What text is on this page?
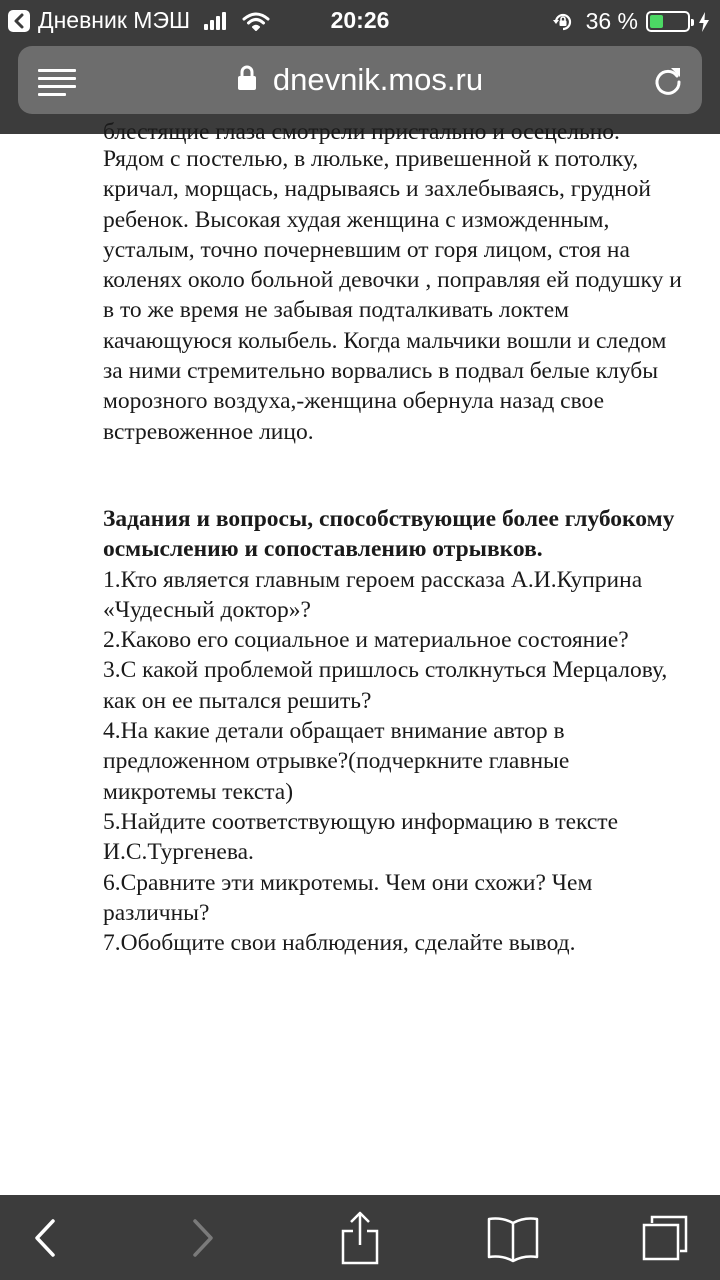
Дневник МЭШ	20:26	36 %
dnevnik.mos.ru
блестящие глаза смотрели пристально и осецельно.

Рядом с постелью, в люльке, привешенной к потолку, кричал, морщась, надрываясь и захлебываясь, грудной ребенок. Высокая худая женщина с изможденным, усталым, точно почерневшим от горя лицом, стоя на коленях около больной девочки , поправляя ей подушку и в то же время не забывая подталкивать локтем качающуюся колыбель. Когда мальчики вошли и следом за ними стремительно ворвались в подвал белые клубы морозного воздуха,-женщина обернула назад свое встревоженное лицо.

Задания и вопросы, способствующие более глубокому осмыслению и сопоставлению отрывков.
1.Кто является главным героем рассказа А.И.Куприна «Чудесный доктор»?
2.Каково его социальное и материальное состояние?
3.С какой проблемой пришлось столкнуться Мерцалову, как он ее пытался решить?
4.На какие детали обращает внимание автор в предложенном отрывке?(подчеркните главные микротемы текста)
5.Найдите соответствующую информацию в тексте И.С.Тургенева.
6.Сравните эти микротемы. Чем они схожи? Чем различны?
7.Обобщите свои наблюдения, сделайте вывод.
